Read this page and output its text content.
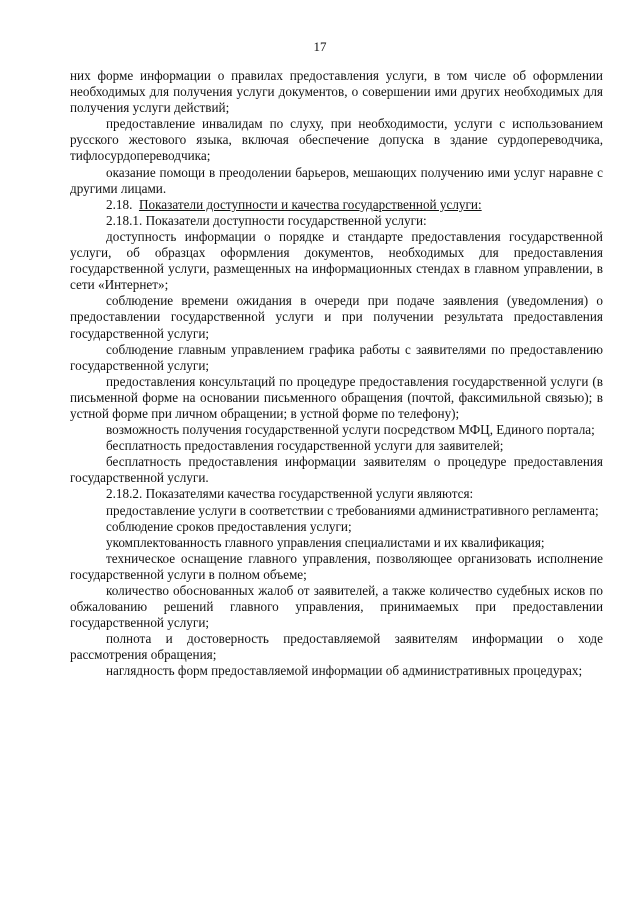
17

них форме информации о правилах предоставления услуги, в том числе об оформлении необходимых для получения услуги документов, о совершении ими других необходимых для получения услуги действий;

предоставление инвалидам по слуху, при необходимости, услуги с использованием русского жестового языка, включая обеспечение допуска в здание сурдопереводчика, тифлосурдопереводчика;

оказание помощи в преодолении барьеров, мешающих получению ими услуг наравне с другими лицами.

2.18. Показатели доступности и качества государственной услуги:

2.18.1. Показатели доступности государственной услуги:

доступность информации о порядке и стандарте предоставления государственной услуги, об образцах оформления документов, необходимых для предоставления государственной услуги, размещенных на информационных стендах в главном управлении, в сети «Интернет»;

соблюдение времени ожидания в очереди при подаче заявления (уведомления) о предоставлении государственной услуги и при получении результата предоставления государственной услуги;

соблюдение главным управлением графика работы с заявителями по предоставлению государственной услуги;

предоставления консультаций по процедуре предоставления государственной услуги (в письменной форме на основании письменного обращения (почтой, факсимильной связью); в устной форме при личном обращении; в устной форме по телефону);

возможность получения государственной услуги посредством МФЦ, Единого портала;

бесплатность предоставления государственной услуги для заявителей;

бесплатность предоставления информации заявителям о процедуре предоставления государственной услуги.

2.18.2. Показателями качества государственной услуги являются:

предоставление услуги в соответствии с требованиями административного регламента;

соблюдение сроков предоставления услуги;

укомплектованность главного управления специалистами и их квалификация;

техническое оснащение главного управления, позволяющее организовать исполнение государственной услуги в полном объеме;

количество обоснованных жалоб от заявителей, а также количество судебных исков по обжалованию решений главного управления, принимаемых при предоставлении государственной услуги;

полнота и достоверность предоставляемой заявителям информации о ходе рассмотрения обращения;

наглядность форм предоставляемой информации об административных процедурах;
